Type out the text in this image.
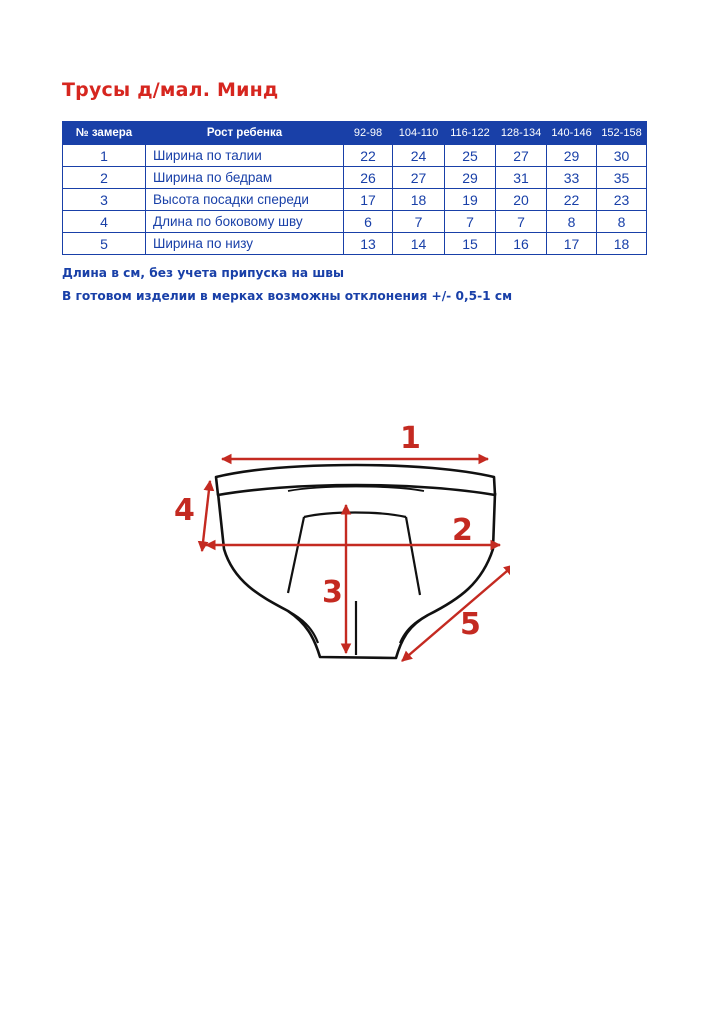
Трусы д/мал. Минд
№ замера	Рост ребенка	92-98	104-110	116-122	128-134	140-146	152-158
1	Ширина по талии	22	24	25	27	29	30
2	Ширина по бедрам	26	27	29	31	33	35
3	Высота посадки спереди	17	18	19	20	22	23
4	Длина по боковому шву	6	7	7	7	8	8
5	Ширина по низу	13	14	15	16	17	18
Длина в см, без учета припуска на швы
В готовом изделии в мерках возможны отклонения +/- 0,5-1 см
1
2
3
4
5
